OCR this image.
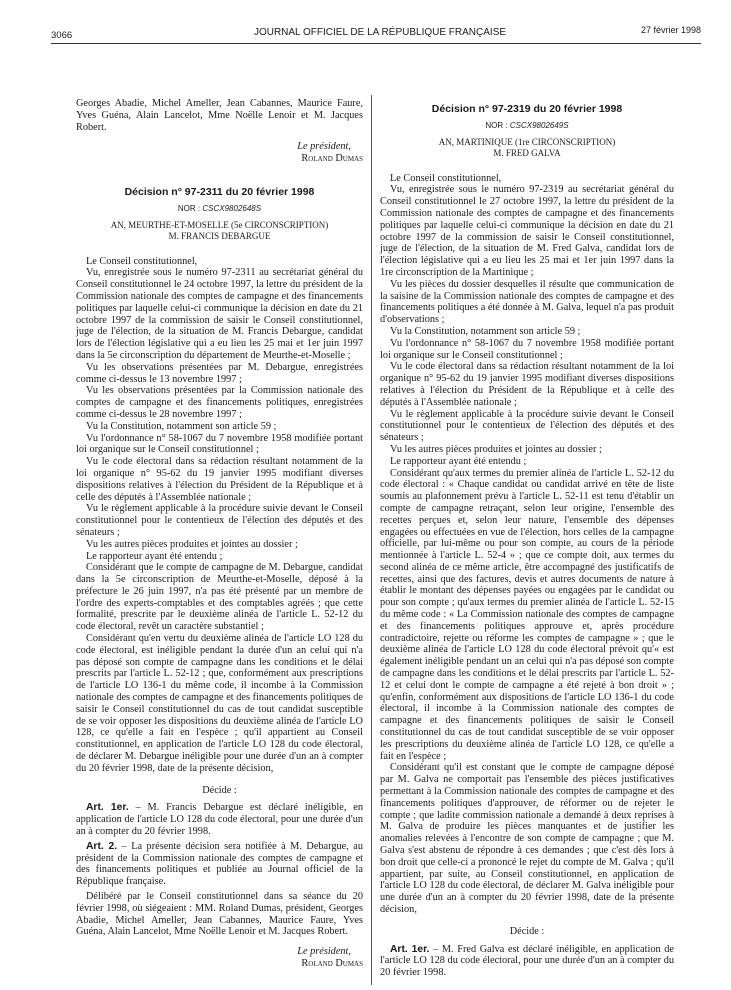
3066	JOURNAL OFFICIEL DE LA RÉPUBLIQUE FRANÇAISE	27 février 1998

Georges Abadie, Michel Ameller, Jean Cabannes, Maurice Faure, Yves Guéna, Alain Lancelot, Mme Noëlle Lenoir et M. Jacques Robert.

Le président,
Roland Dumas
Décision n° 97-2311 du 20 février 1998
NOR : CSCX9802648S
AN, MEURTHE-ET-MOSELLE (5e CIRCONSCRIPTION)
M. FRANCIS DEBARGUE

Le Conseil constitutionnel,

Vu, enregistrée sous le numéro 97-2311 au secrétariat général du Conseil constitutionnel le 24 octobre 1997, la lettre du président de la Commission nationale des comptes de campagne et des financements politiques par laquelle celui-ci communique la décision en date du 21 octobre 1997 de la commission de saisir le Conseil constitutionnel, juge de l'élection, de la situation de M. Francis Debargue, candidat lors de l'élection législative qui a eu lieu les 25 mai et 1er juin 1997 dans la 5e circonscription du département de Meurthe-et-Moselle ;

Vu les observations présentées par M. Debargue, enregistrées comme ci-dessus le 13 novembre 1997 ;

Vu les observations présentées par la Commission nationale des comptes de campagne et des financements politiques, enregistrées comme ci-dessus le 28 novembre 1997 ;

Vu la Constitution, notamment son article 59 ;

Vu l'ordonnance n° 58-1067 du 7 novembre 1958 modifiée portant loi organique sur le Conseil constitutionnel ;

Vu le code électoral dans sa rédaction résultant notamment de la loi organique n° 95-62 du 19 janvier 1995 modifiant diverses dispositions relatives à l'élection du Président de la République et à celle des députés à l'Assemblée nationale ;

Vu le règlement applicable à la procédure suivie devant le Conseil constitutionnel pour le contentieux de l'élection des députés et des sénateurs ;

Vu les autres pièces produites et jointes au dossier ;

Le rapporteur ayant été entendu ;

Considérant que le compte de campagne de M. Debargue, candidat dans la 5e circonscription de Meurthe-et-Moselle, déposé à la préfecture le 26 juin 1997, n'a pas été présenté par un membre de l'ordre des experts-comptables et des comptables agréés ; que cette formalité, prescrite par le deuxième alinéa de l'article L. 52-12 du code électoral, revêt un caractère substantiel ;

Considérant qu'en vertu du deuxième alinéa de l'article LO 128 du code électoral, est inéligible pendant la durée d'un an celui qui n'a pas déposé son compte de campagne dans les conditions et le délai prescrits par l'article L. 52-12 ; que, conformément aux prescriptions de l'article LO 136-1 du même code, il incombe à la Commission nationale des comptes de campagne et des financements politiques de saisir le Conseil constitutionnel du cas de tout candidat susceptible de se voir opposer les dispositions du deuxième alinéa de l'article LO 128, ce qu'elle a fait en l'espèce ; qu'il appartient au Conseil constitutionnel, en application de l'article LO 128 du code électoral, de déclarer M. Debargue inéligible pour une durée d'un an à compter du 20 février 1998, date de la présente décision,

Décide :

Art. 1er. – M. Francis Debargue est déclaré inéligible, en application de l'article LO 128 du code électoral, pour une durée d'un an à compter du 20 février 1998.

Art. 2. – La présente décision sera notifiée à M. Debargue, au président de la Commission nationale des comptes de campagne et des financements politiques et publiée au Journal officiel de la République française.

Délibéré par le Conseil constitutionnel dans sa séance du 20 février 1998, où siégeaient : MM. Roland Dumas, président, Georges Abadie, Michel Ameller, Jean Cabannes, Maurice Faure, Yves Guéna, Alain Lancelot, Mme Noëlle Lenoir et M. Jacques Robert.

Le président,
Roland Dumas
Décision n° 97-2319 du 20 février 1998
NOR : CSCX9802649S
AN, MARTINIQUE (1re CIRCONSCRIPTION)
M. FRED GALVA

Le Conseil constitutionnel,

Vu, enregistrée sous le numéro 97-2319 au secrétariat général du Conseil constitutionnel le 27 octobre 1997, la lettre du président de la Commission nationale des comptes de campagne et des financements politiques par laquelle celui-ci communique la décision en date du 21 octobre 1997 de la commission de saisir le Conseil constitutionnel, juge de l'élection, de la situation de M. Fred Galva, candidat lors de l'élection législative qui a eu lieu les 25 mai et 1er juin 1997 dans la 1re circonscription de la Martinique ;

Vu les pièces du dossier desquelles il résulte que communication de la saisine de la Commission nationale des comptes de campagne et des financements politiques a été donnée à M. Galva, lequel n'a pas produit d'observations ;

Vu la Constitution, notamment son article 59 ;

Vu l'ordonnance n° 58-1067 du 7 novembre 1958 modifiée portant loi organique sur le Conseil constitutionnel ;

Vu le code électoral dans sa rédaction résultant notamment de la loi organique n° 95-62 du 19 janvier 1995 modifiant diverses dispositions relatives à l'élection du Président de la République et à celle des députés à l'Assemblée nationale ;

Vu le règlement applicable à la procédure suivie devant le Conseil constitutionnel pour le contentieux de l'élection des députés et des sénateurs ;

Vu les autres pièces produites et jointes au dossier ;

Le rapporteur ayant été entendu ;

Considérant qu'aux termes du premier alinéa de l'article L. 52-12 du code électoral : « Chaque candidat ou candidat arrivé en tête de liste soumis au plafonnement prévu à l'article L. 52-11 est tenu d'établir un compte de campagne retraçant, selon leur origine, l'ensemble des recettes perçues et, selon leur nature, l'ensemble des dépenses engagées ou effectuées en vue de l'élection, hors celles de la campagne officielle, par lui-même ou pour son compte, au cours de la période mentionnée à l'article L. 52-4 » ; que ce compte doit, aux termes du second alinéa de ce même article, être accompagné des justificatifs de recettes, ainsi que des factures, devis et autres documents de nature à établir le montant des dépenses payées ou engagées par le candidat ou pour son compte ; qu'aux termes du premier alinéa de l'article L. 52-15 du même code : « La Commission nationale des comptes de campagne et des financements politiques approuve et, après procédure contradictoire, rejette ou réforme les comptes de campagne » ; que le deuxième alinéa de l'article LO 128 du code électoral prévoit qu'« est également inéligible pendant un an celui qui n'a pas déposé son compte de campagne dans les conditions et le délai prescrits par l'article L. 52-12 et celui dont le compte de campagne a été rejeté à bon droit » ; qu'enfin, conformément aux dispositions de l'article LO 136-1 du code électoral, il incombe à la Commission nationale des comptes de campagne et des financements politiques de saisir le Conseil constitutionnel du cas de tout candidat susceptible de se voir opposer les prescriptions du deuxième alinéa de l'article LO 128, ce qu'elle a fait en l'espèce ;

Considérant qu'il est constant que le compte de campagne déposé par M. Galva ne comportait pas l'ensemble des pièces justificatives permettant à la Commission nationale des comptes de campagne et des financements politiques d'approuver, de réformer ou de rejeter le compte ; que ladite commission nationale a demandé à deux reprises à M. Galva de produire les pièces manquantes et de justifier les anomalies relevées à l'encontre de son compte de campagne ; que M. Galva s'est abstenu de répondre à ces demandes ; que c'est dès lors à bon droit que celle-ci a prononcé le rejet du compte de M. Galva ; qu'il appartient, par suite, au Conseil constitutionnel, en application de l'article LO 128 du code électoral, de déclarer M. Galva inéligible pour une durée d'un an à compter du 20 février 1998, date de la présente décision,

Décide :

Art. 1er. – M. Fred Galva est déclaré inéligible, en application de l'article LO 128 du code électoral, pour une durée d'un an à compter du 20 février 1998.
